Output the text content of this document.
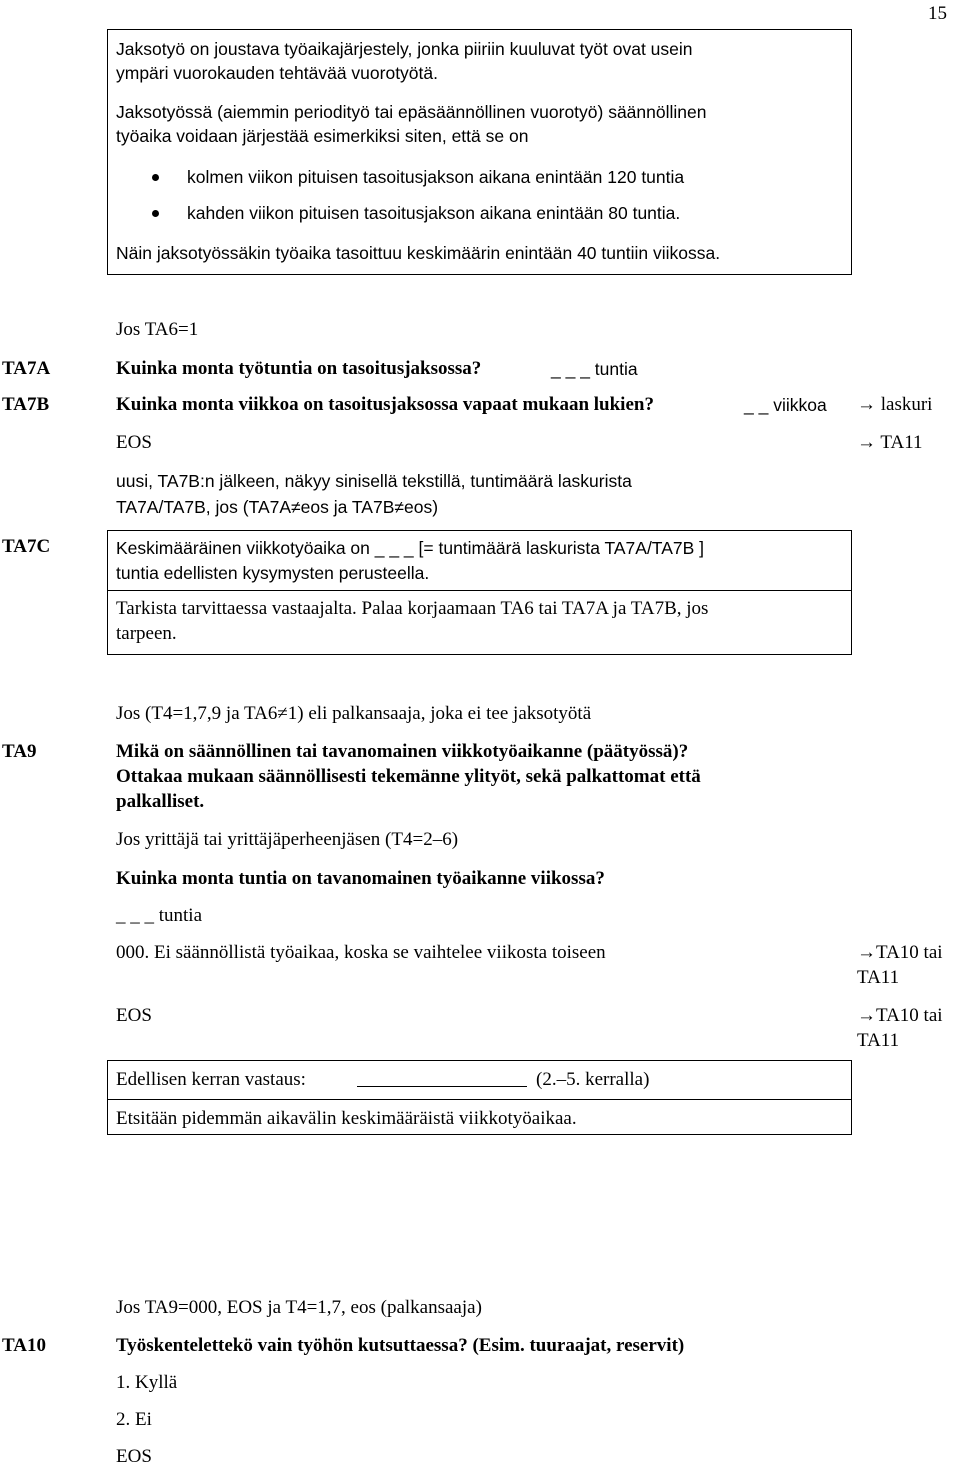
15
Jaksotyö on joustava työaikajärjestely, jonka piiriin kuuluvat työt ovat usein
ympäri vuorokauden tehtävää vuorotyötä.
Jaksotyössä (aiemmin periodityö tai epäsäännöllinen vuorotyö) säännöllinen
työaika voidaan järjestää esimerkiksi siten, että se on
kolmen viikon pituisen tasoitusjakson aikana enintään 120 tuntia
kahden viikon pituisen tasoitusjakson aikana enintään 80 tuntia.
Näin jaksotyössäkin työaika tasoittuu keskimäärin enintään 40 tuntiin viikossa.
Jos TA6=1
TA7A	Kuinka monta työtuntia on tasoitusjaksossa?	_ _ _ tuntia
TA7B	Kuinka monta viikkoa on tasoitusjaksossa vapaat mukaan lukien?	_ _ viikkoa → laskuri
EOS	→ TA11
uusi, TA7B:n jälkeen, näkyy sinisellä tekstillä, tuntimäärä laskurista
TA7A/TA7B, jos (TA7A≠eos ja TA7B≠eos)
TA7C	Keskimääräinen viikkotyöaika on _ _ _ [= tuntimäärä laskurista TA7A/TA7B ]
tuntia edellisten kysymysten perusteella.
Tarkista tarvittaessa vastaajalta. Palaa korjaamaan TA6 tai TA7A ja TA7B, jos
tarpeen.
Jos (T4=1,7,9 ja TA6≠1) eli palkansaaja, joka ei tee jaksotyötä
TA9	Mikä on säännöllinen tai tavanomainen viikkotyöaikanne (päätyössä)?
Ottakaa mukaan säännöllisesti tekemänne ylityöt, sekä palkattomat että
palkalliset.
Jos yrittäjä tai yrittäjäperheenjäsen (T4=2–6)
Kuinka monta tuntia on tavanomainen työaikanne viikossa?
_ _ _ tuntia
000. Ei säännöllistä työaikaa, koska se vaihtelee viikosta toiseen	→TA10 tai
TA11
EOS	→TA10 tai
TA11
Edellisen kerran vastaus:	(2.–5. kerralla)
Etsitään pidemmän aikavälin keskimääräistä viikkotyöaikaa.
Jos TA9=000, EOS ja T4=1,7, eos (palkansaaja)
TA10	Työskentelettekö vain työhön kutsuttaessa? (Esim. tuuraajat, reservit)
1. Kyllä
2. Ei
EOS
